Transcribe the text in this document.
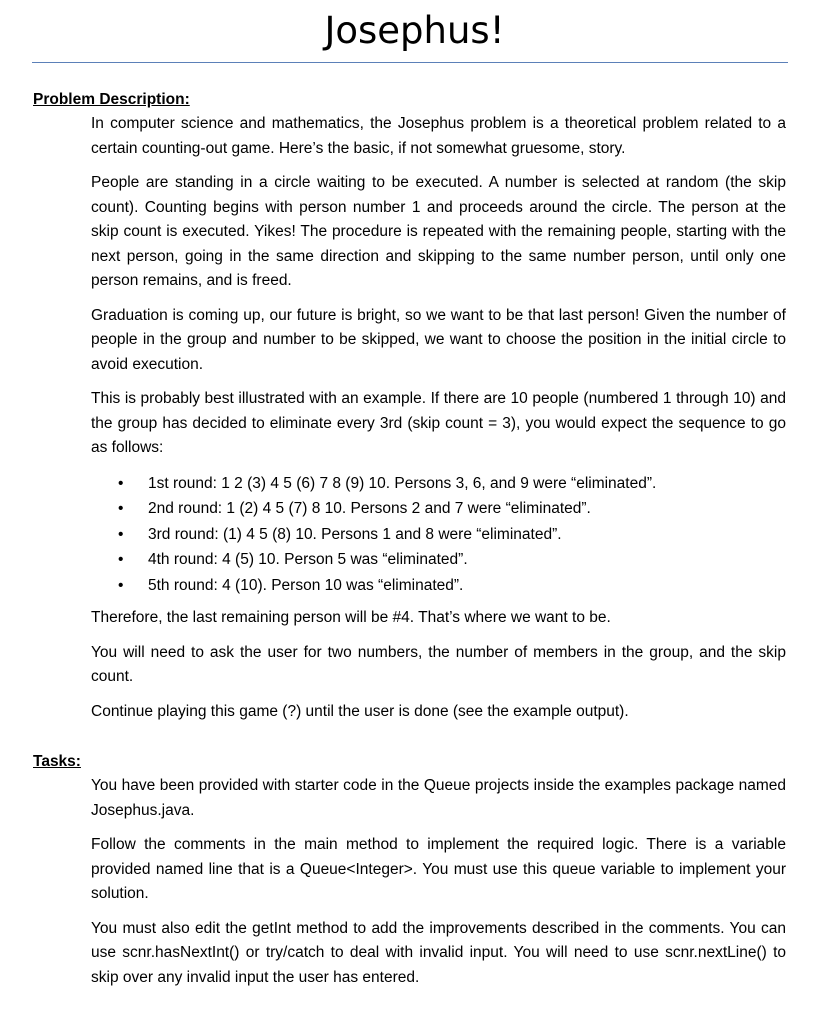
Josephus!
Problem Description:

In computer science and mathematics, the Josephus problem is a theoretical problem related to a certain counting-out game. Here’s the basic, if not somewhat gruesome, story.

People are standing in a circle waiting to be executed. A number is selected at random (the skip count). Counting begins with person number 1 and proceeds around the circle. The person at the skip count is executed. Yikes! The procedure is repeated with the remaining people, starting with the next person, going in the same direction and skipping to the same number person, until only one person remains, and is freed.

Graduation is coming up, our future is bright, so we want to be that last person! Given the number of people in the group and number to be skipped, we want to choose the position in the initial circle to avoid execution.

This is probably best illustrated with an example. If there are 10 people (numbered 1 through 10) and the group has decided to eliminate every 3rd (skip count = 3), you would expect the sequence to go as follows:

• 1st round: 1 2 (3) 4 5 (6) 7 8 (9) 10. Persons 3, 6, and 9 were “eliminated”.
• 2nd round: 1 (2) 4 5 (7) 8 10. Persons 2 and 7 were “eliminated”.
• 3rd round: (1) 4 5 (8) 10. Persons 1 and 8 were “eliminated”.
• 4th round: 4 (5) 10. Person 5 was “eliminated”.
• 5th round: 4 (10). Person 10 was “eliminated”.

Therefore, the last remaining person will be #4. That’s where we want to be.

You will need to ask the user for two numbers, the number of members in the group, and the skip count.

Continue playing this game (?) until the user is done (see the example output).

Tasks:

You have been provided with starter code in the Queue projects inside the examples package named Josephus.java.

Follow the comments in the main method to implement the required logic. There is a variable provided named line that is a Queue<Integer>. You must use this queue variable to implement your solution.

You must also edit the getInt method to add the improvements described in the comments. You can use scnr.hasNextInt() or try/catch to deal with invalid input. You will need to use scnr.nextLine() to skip over any invalid input the user has entered.
